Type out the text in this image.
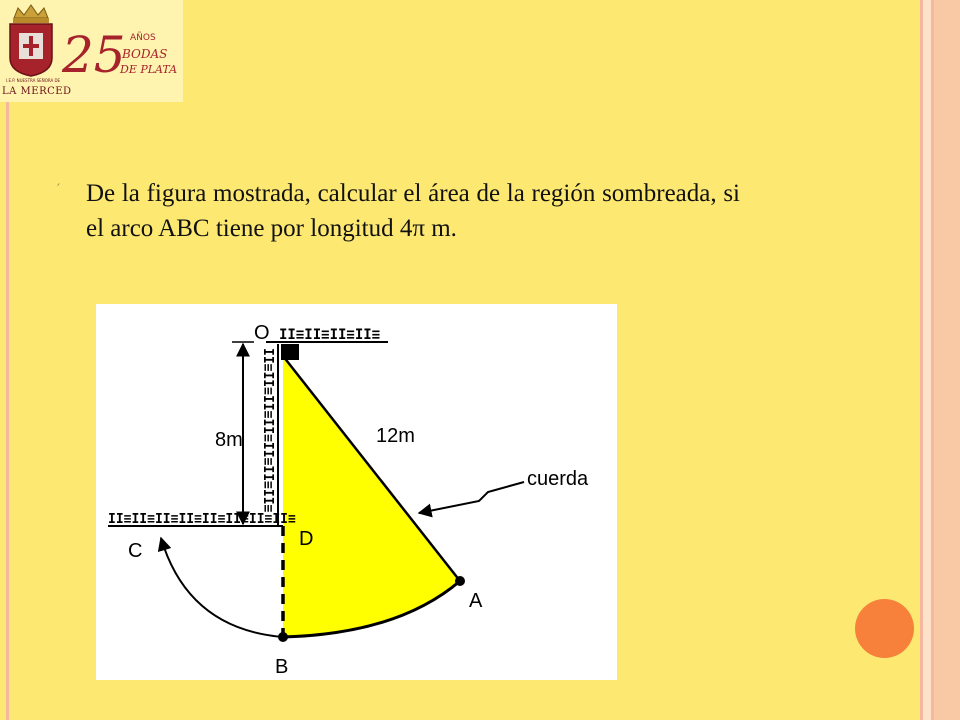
I.E.P. NUESTRA SEÑORA DE
LA MERCED
25 AÑOS
BODAS
DE PLATA
′ De la figura mostrada, calcular el área de la región sombreada, si el arco ABC tiene por longitud 4π m.
II≡II≡II≡II≡
II≡II≡II≡II≡II≡II≡II≡
II≡II≡II≡II≡II≡II≡II≡II≡
O
8m	12m
cuerda
D
C
A
B
